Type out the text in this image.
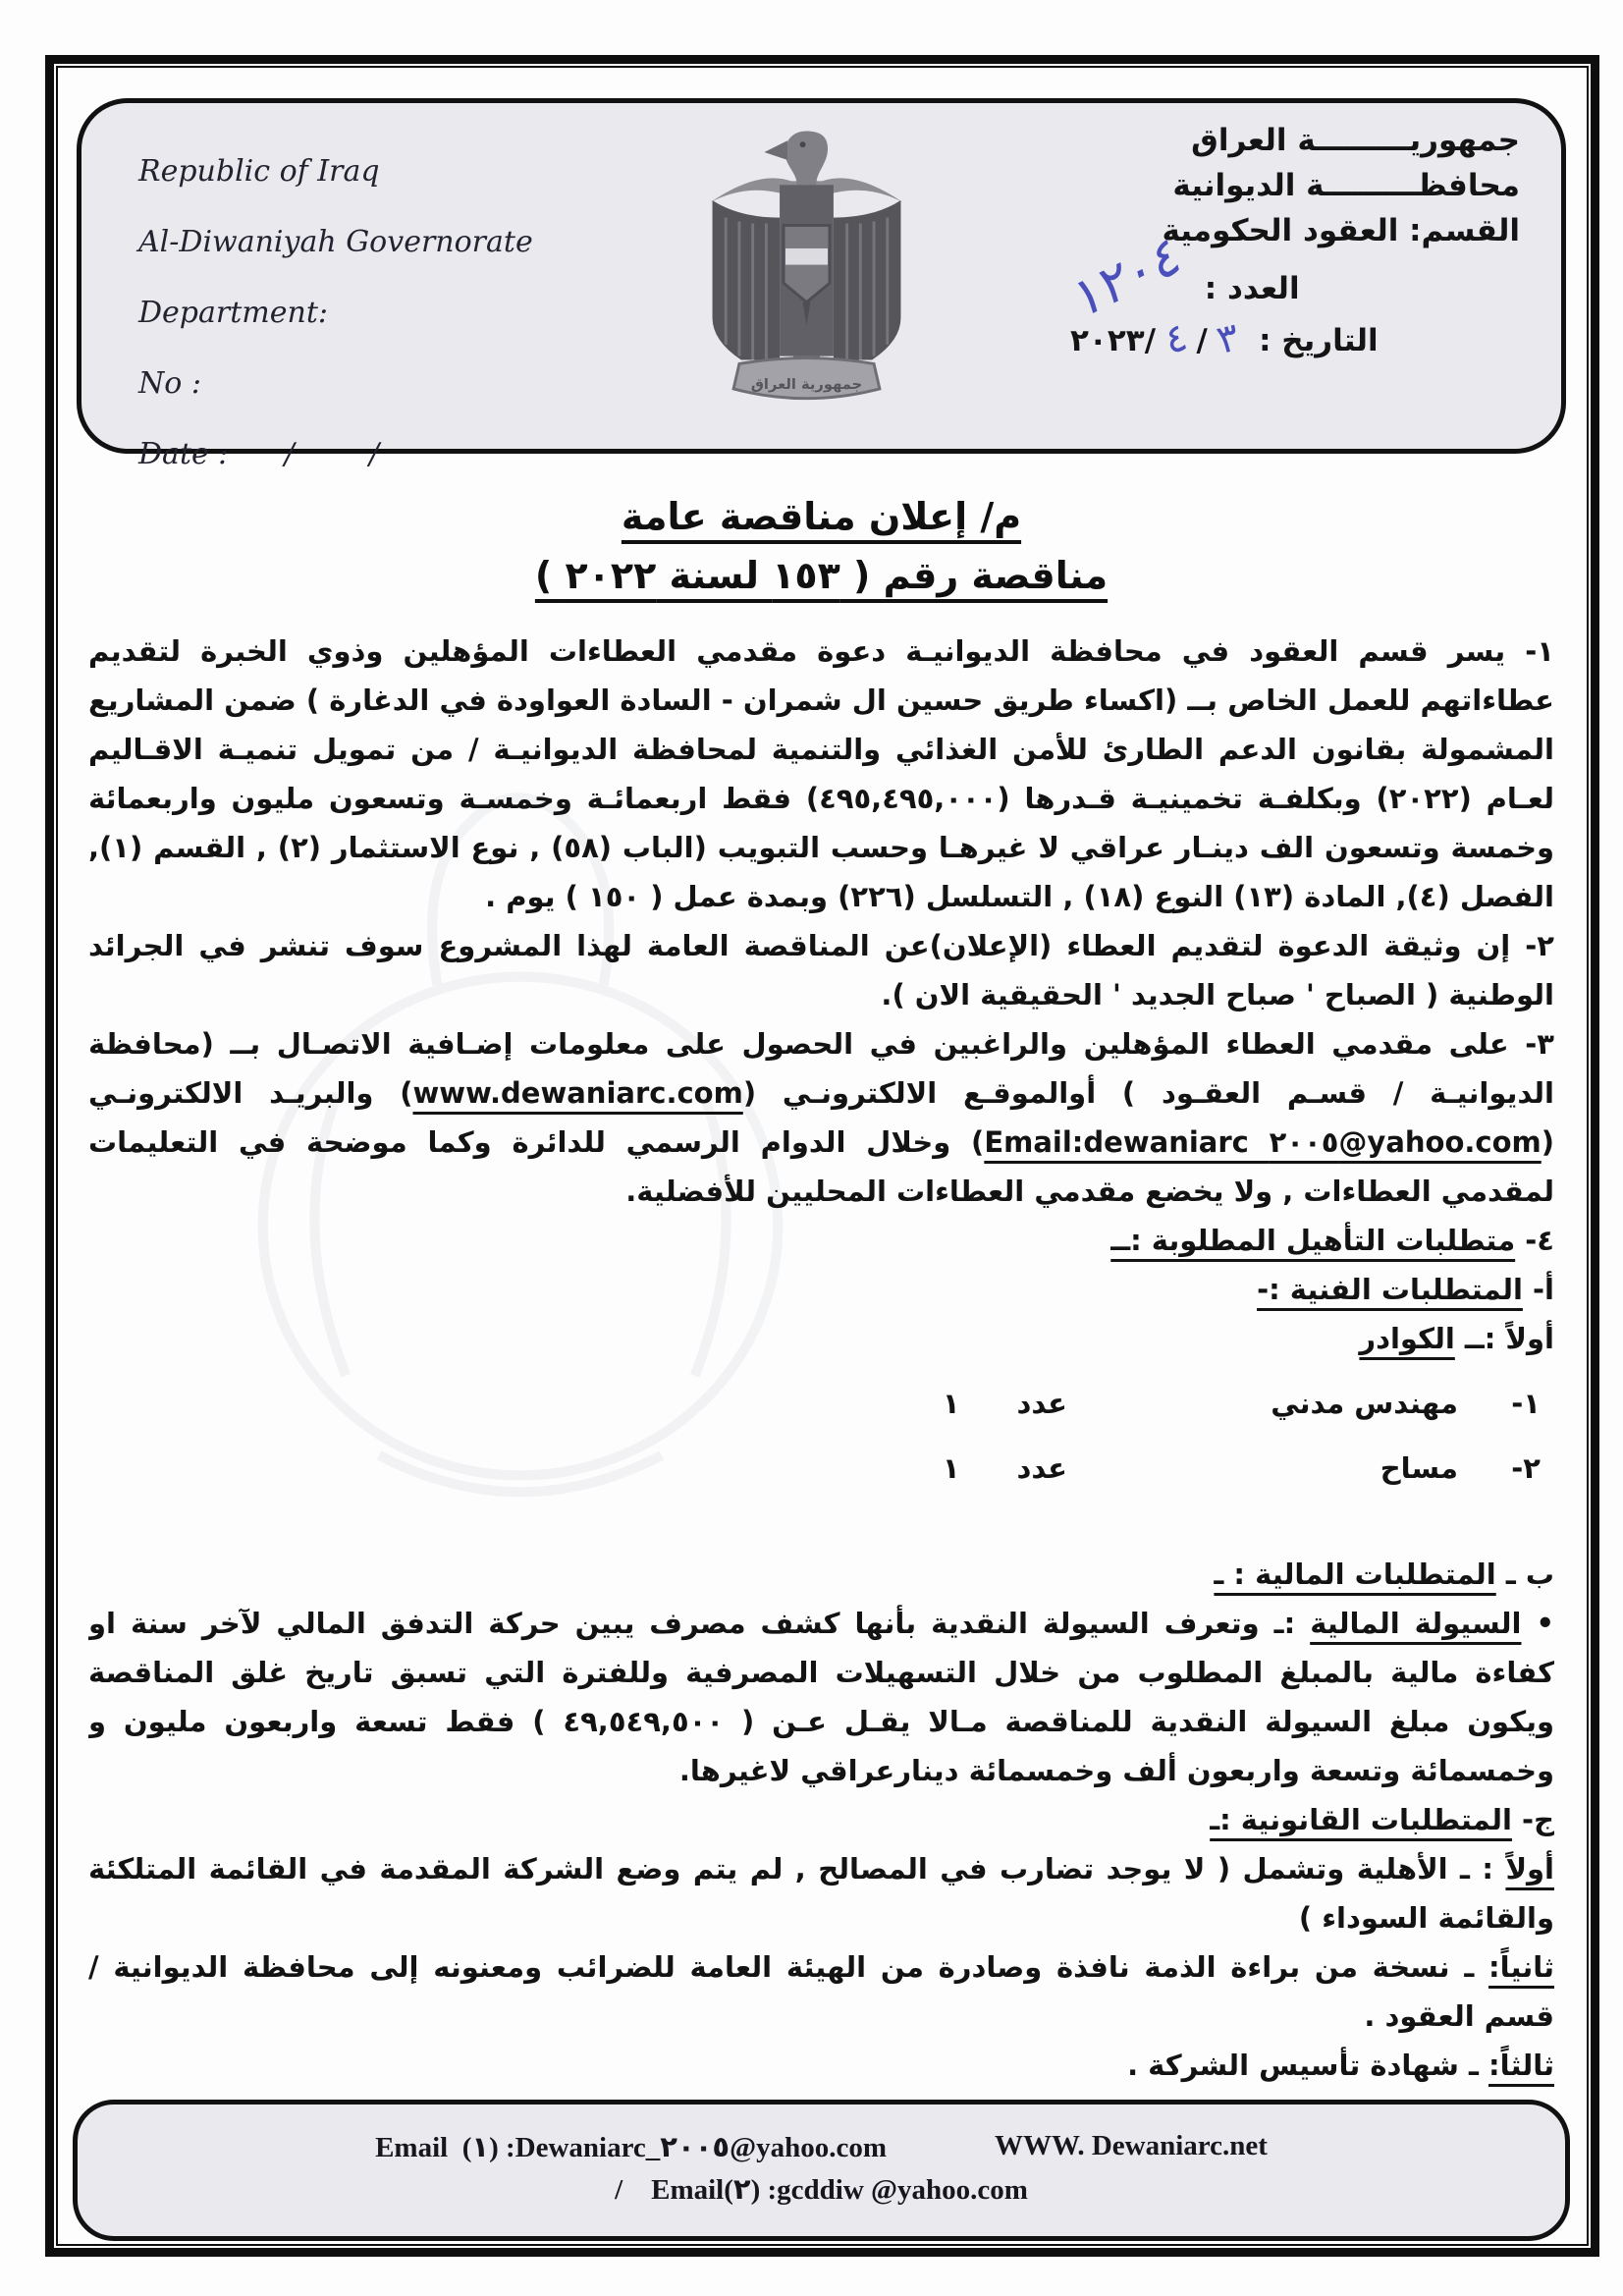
Republic of Iraq
Al-Diwaniyah Governorate
Department:
No :
Date :      /        /
جمهورية العراق
جمهوريـــــــــة العراق
محافظـــــــــة الديوانية
القسم: العقود الحكومية
١٢٠٤ العدد :
٢٠٢٣/ ٤ / ٣ التاريخ :
م/ إعلان مناقصة عامة
مناقصة رقم ( ١٥٣ لسنة ٢٠٢٢ )

١- يسر قسم العقود في محافظة الديوانيـة دعوة مقدمي العطاءات المؤهلين وذوي الخبرة لتقديم عطاءاتهم للعمل الخاص بــ (اكساء طريق حسين ال شمران - السادة العواودة في الدغارة ) ضمن المشاريع المشمولة بقانون الدعم الطارئ للأمن الغذائي والتنمية لمحافظة الديوانيـة / من تمويل تنميـة الاقـاليم لعـام (٢٠٢٢) وبكلفـة تخمينيـة قـدرها (٤٩٥,٤٩٥,٠٠٠) فقط اربعمائـة وخمسـة وتسعون مليون واربعمائة وخمسة وتسعون الف دينـار عراقي لا غيرهـا وحسب التبويب (الباب (٥٨) , نوع الاستثمار (٢) , القسم (١), الفصل (٤), المادة (١٣) النوع (١٨) , التسلسل (٢٢٦) وبمدة عمل ( ١٥٠ ) يوم .

٢- إن وثيقة الدعوة لتقديم العطاء (الإعلان)عن المناقصة العامة لهذا المشروع سوف تنشر في الجرائد الوطنية ( الصباح ' صباح الجديد ' الحقيقية الان ).

٣- على مقدمي العطاء المؤهلين والراغبين في الحصول على معلومات إضـافية الاتصـال بــ (محافظة الديوانيـة / قسـم العقـود ) أوالموقـع الالكترونـي (www.dewaniarc.com) والبريـد الالكترونـي (Email:dewaniarc ٢٠٠٥@yahoo.com) وخلال الدوام الرسمي للدائرة وكما موضحة في التعليمات لمقدمي العطاءات , ولا يخضع مقدمي العطاءات المحليين للأفضلية.

٤- متطلبات التأهيل المطلوبة :ــ

أ- المتطلبات الفنية :-

أولاً :ــ الكوادر

١-
مهندس مدني
عدد
١
٢-
مساح
عدد
١

ب ـ المتطلبات المالية : ـ

• السيولة المالية :ـ وتعرف السيولة النقدية بأنها كشف مصرف يبين حركة التدفق المالي لآخر سنة او كفاءة مالية بالمبلغ المطلوب من خلال التسهيلات المصرفية وللفترة التي تسبق تاريخ غلق المناقصة ويكون مبلغ السيولة النقدية للمناقصة مـالا يقـل عـن ( ٤٩,٥٤٩,٥٠٠ ) فقط تسعة واربعون مليون و وخمسمائة وتسعة واربعون ألف وخمسمائة دينارعراقي لاغيرها.

ج- المتطلبات القانونية :ـ

أولاً : ـ الأهلية وتشمل ( لا يوجد تضارب في المصالح , لم يتم وضع الشركة المقدمة في القائمة المتلكئة والقائمة السوداء )

ثانياً: ـ نسخة من براءة الذمة نافذة وصادرة من الهيئة العامة للضرائب ومعنونه إلى محافظة الديوانية / قسم العقود .

ثالثاً: ـ شهادة تأسيس الشركة .

Email  (١) :Dewaniarc_٢٠٠٥@yahoo.com	WWW. Dewaniarc.net
/    Email(٢) :gcddiw @yahoo.com
